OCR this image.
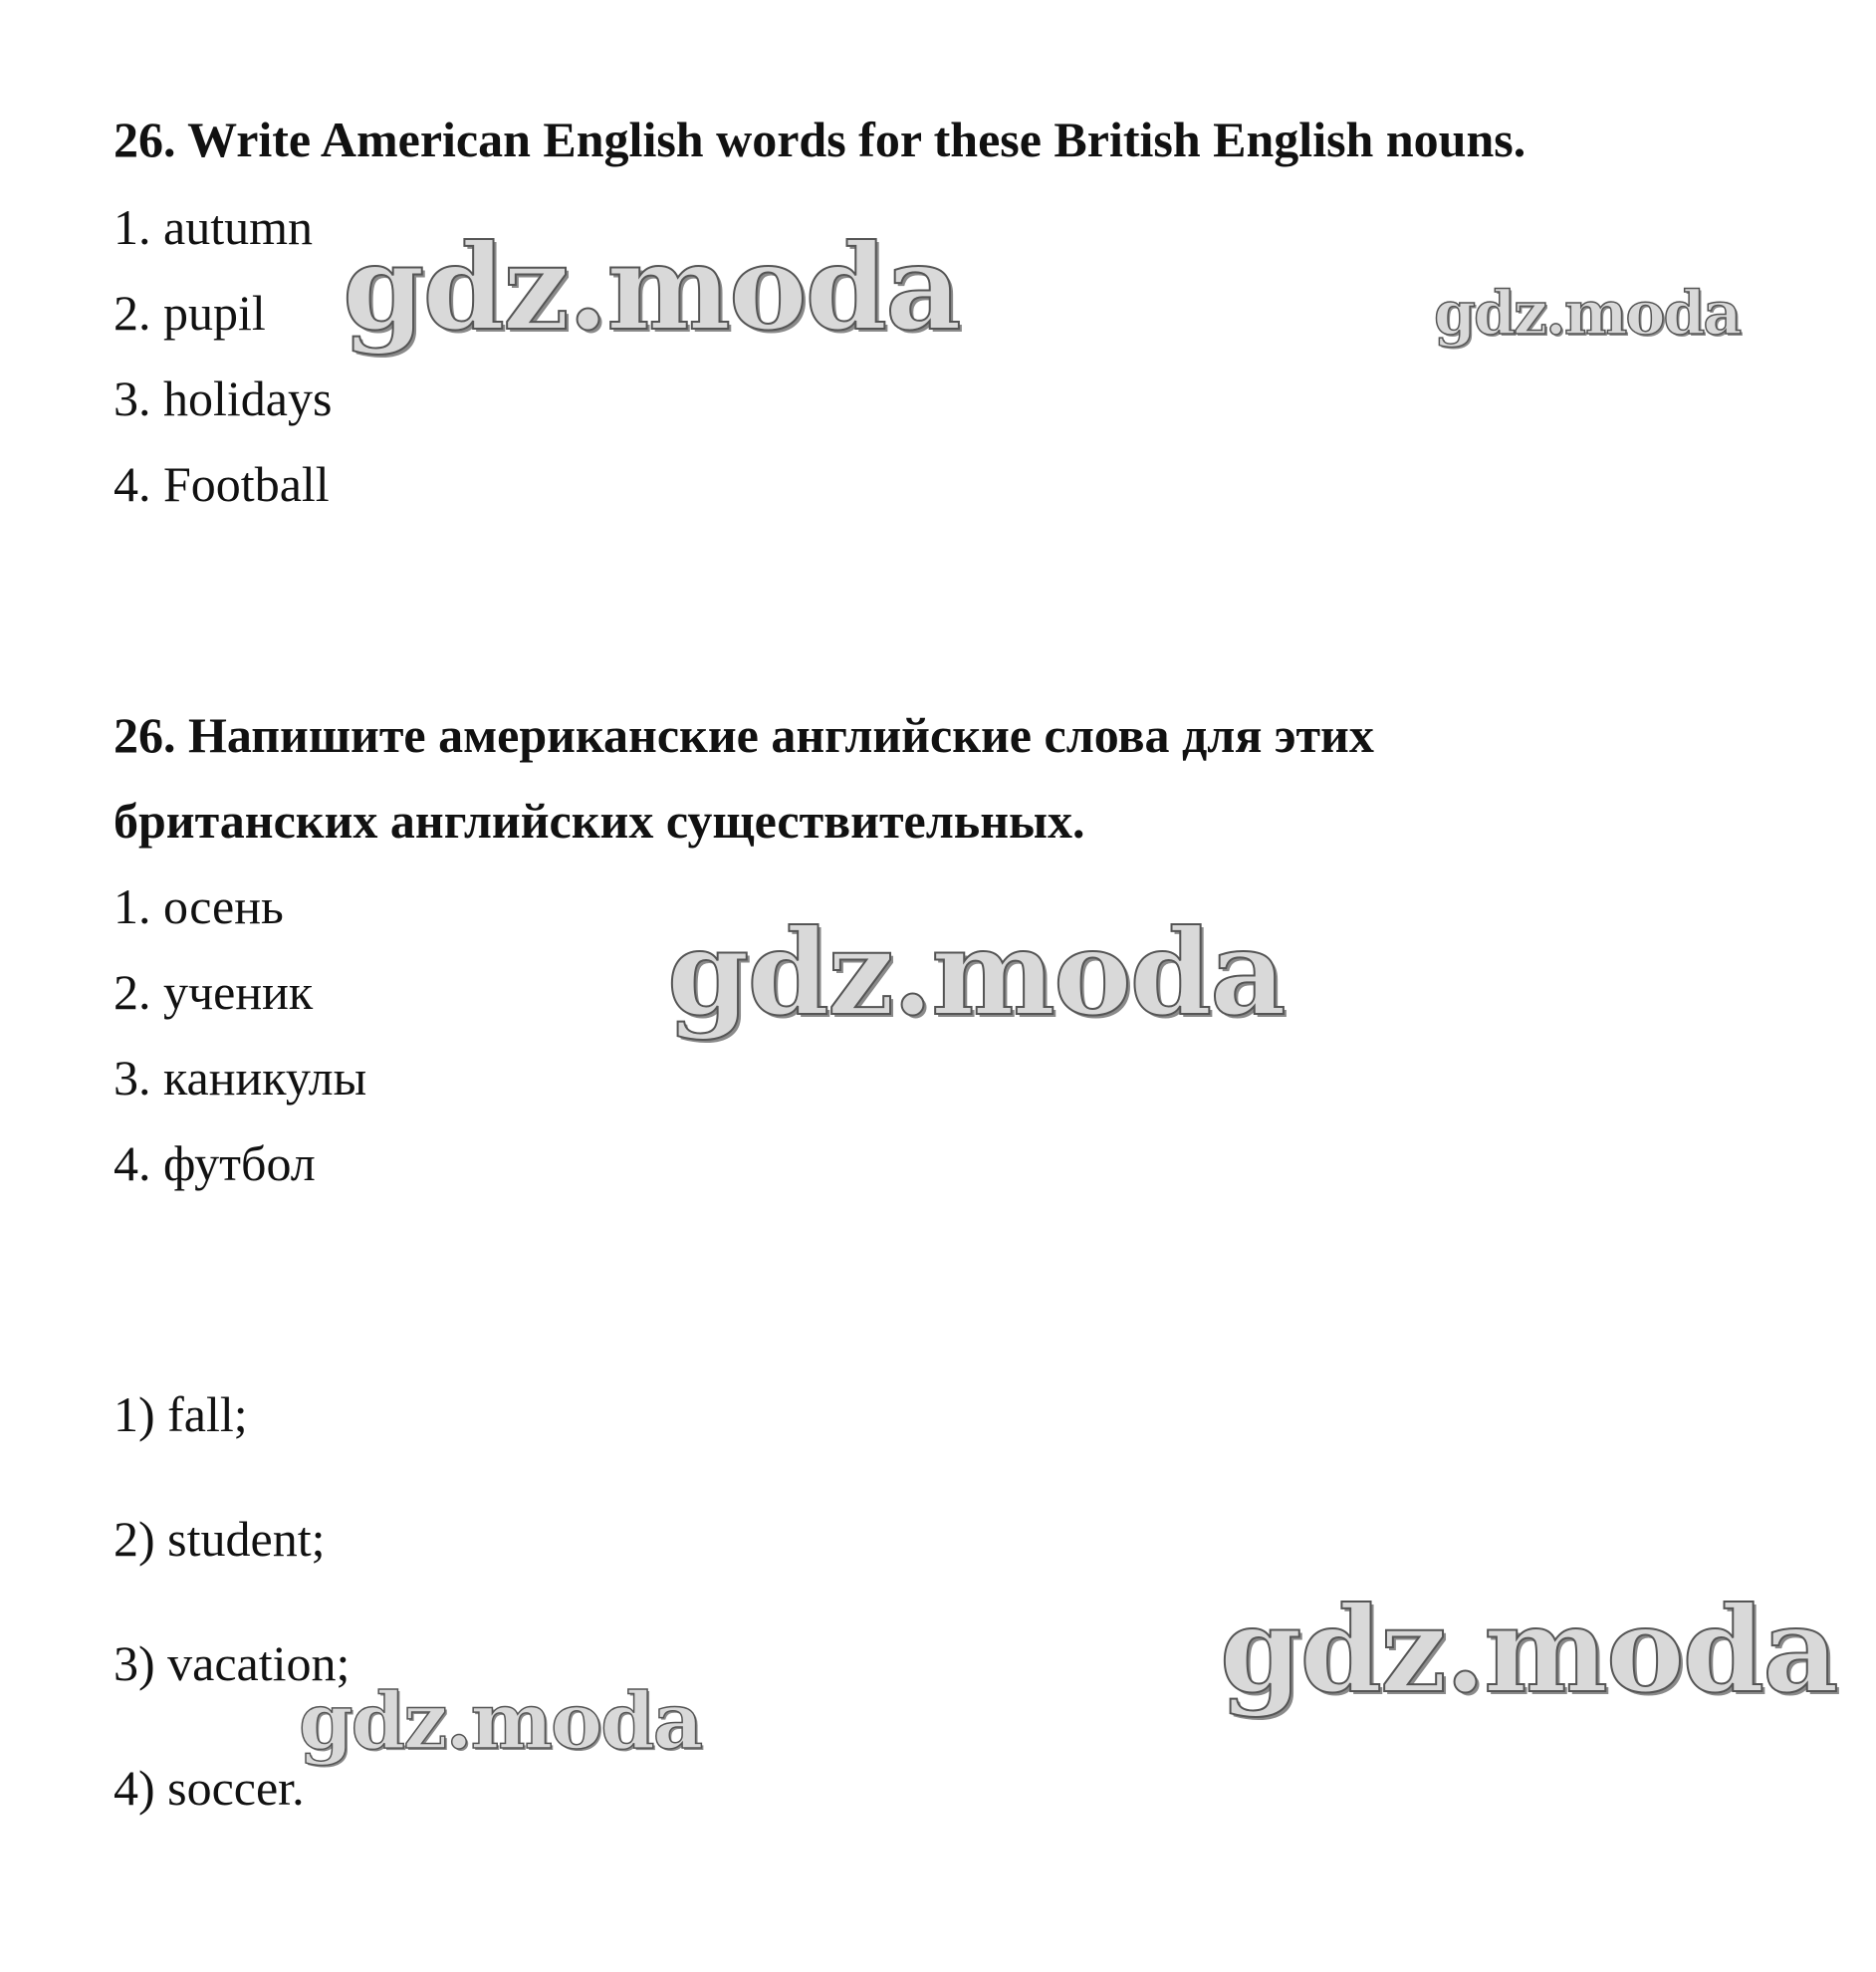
26. Write American English words for these British English nouns.
1. autumn
2. pupil
3. holidays
4. Football
26. Напишите американские английские слова для этих
британских английских существительных.
1. осень
2. ученик
3. каникулы
4. футбол
1) fall;
2) student;
3) vacation;
4) soccer.
gdz.moda	gdz.moda
gdz.moda
gdz.moda
gdz.moda
